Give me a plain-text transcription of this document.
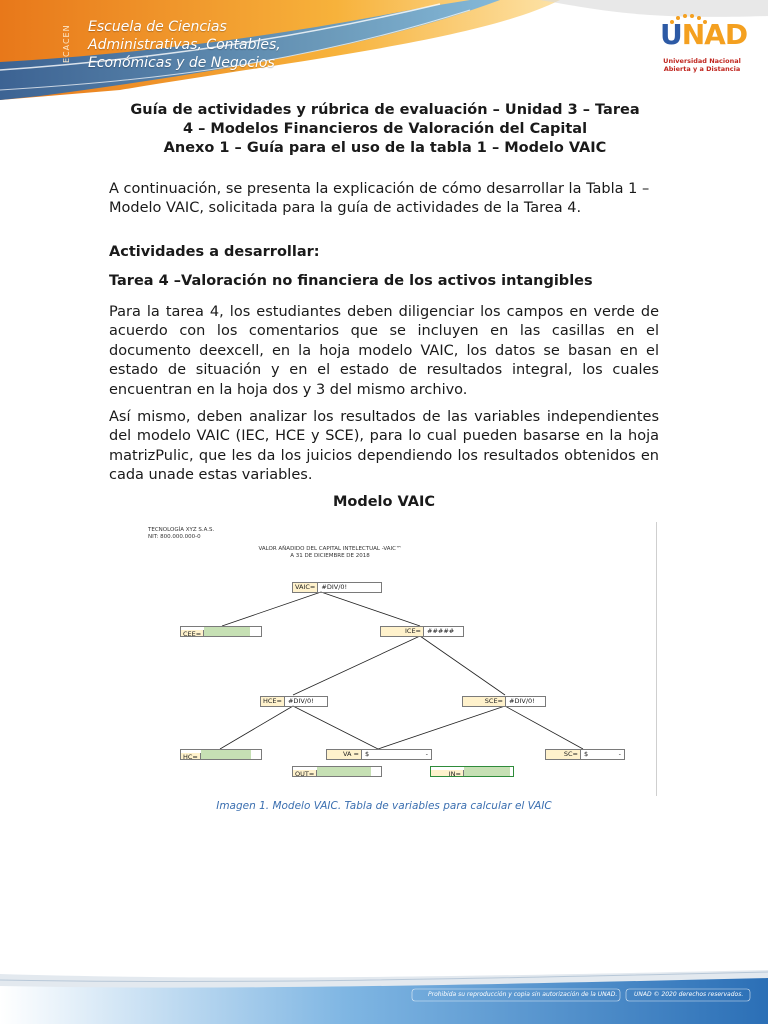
ECACEN	Escuela de Ciencias
Administrativas, Contables,
Económicas y de Negocios
UNAD
Universidad Nacional
Abierta y a Distancia
Guía de actividades y rúbrica de evaluación – Unidad 3 – Tarea
4 – Modelos Financieros de Valoración del Capital
Anexo 1 – Guía para el uso de la tabla 1 – Modelo VAIC
A continuación, se presenta la explicación de cómo desarrollar la Tabla 1 – Modelo VAIC, solicitada para la guía de actividades de la Tarea 4.
Actividades a desarrollar:
Tarea 4 –Valoración no financiera de los activos intangibles
Para la tarea 4, los estudiantes deben diligenciar los campos en verde de acuerdo con los comentarios que se incluyen en las casillas en el documento deexcell, en la hoja modelo VAIC, los datos se basan en el estado de situación y en el estado de resultados integral, los cuales encuentran en la hoja dos y 3 del mismo archivo.
Así mismo, deben analizar los resultados de las variables independientes del modelo VAIC (IEC, HCE y SCE), para lo cual pueden basarse en la hoja matrizPulic, que les da los juicios dependiendo los resultados obtenidos en cada unade estas variables.
Modelo VAIC
TECNOLOGÍA XYZ S.A.S.
NIT: 800.000.000-0
VALOR AÑADIDO DEL CAPITAL INTELECTUAL -VAIC™
A 31 DE DICIEMBRE DE 2018
VAIC= #DIV/0!
CEE=	ICE= #####
HCE= #DIV/0!	SCE= #DIV/0!
HC=	VA = $	-	SC= $	-
OUT=	IN=
Imagen 1. Modelo VAIC. Tabla de variables para calcular el VAIC
Prohibida su reproducción y copia sin autorización de la UNAD.	UNAD © 2020 derechos reservados.
